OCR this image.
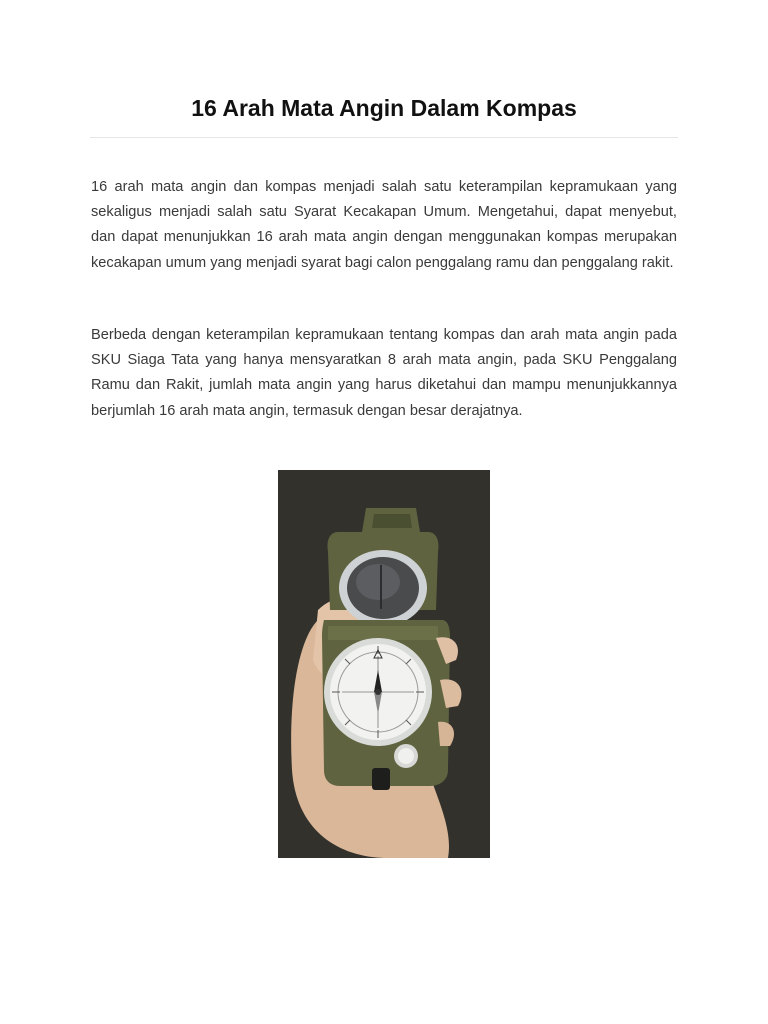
16 Arah Mata Angin Dalam Kompas

16 arah mata angin dan kompas menjadi salah satu keterampilan kepramukaan yang sekaligus menjadi salah satu Syarat Kecakapan Umum. Mengetahui, dapat menyebut, dan dapat menunjukkan 16 arah mata angin dengan menggunakan kompas merupakan kecakapan umum yang menjadi syarat bagi calon penggalang ramu dan penggalang rakit.

Berbeda dengan keterampilan kepramukaan tentang kompas dan arah mata angin pada SKU Siaga Tata yang hanya mensyaratkan 8 arah mata angin, pada SKU Penggalang Ramu dan Rakit, jumlah mata angin yang harus diketahui dan mampu menunjukkannya berjumlah 16 arah mata angin, termasuk dengan besar derajatnya.
